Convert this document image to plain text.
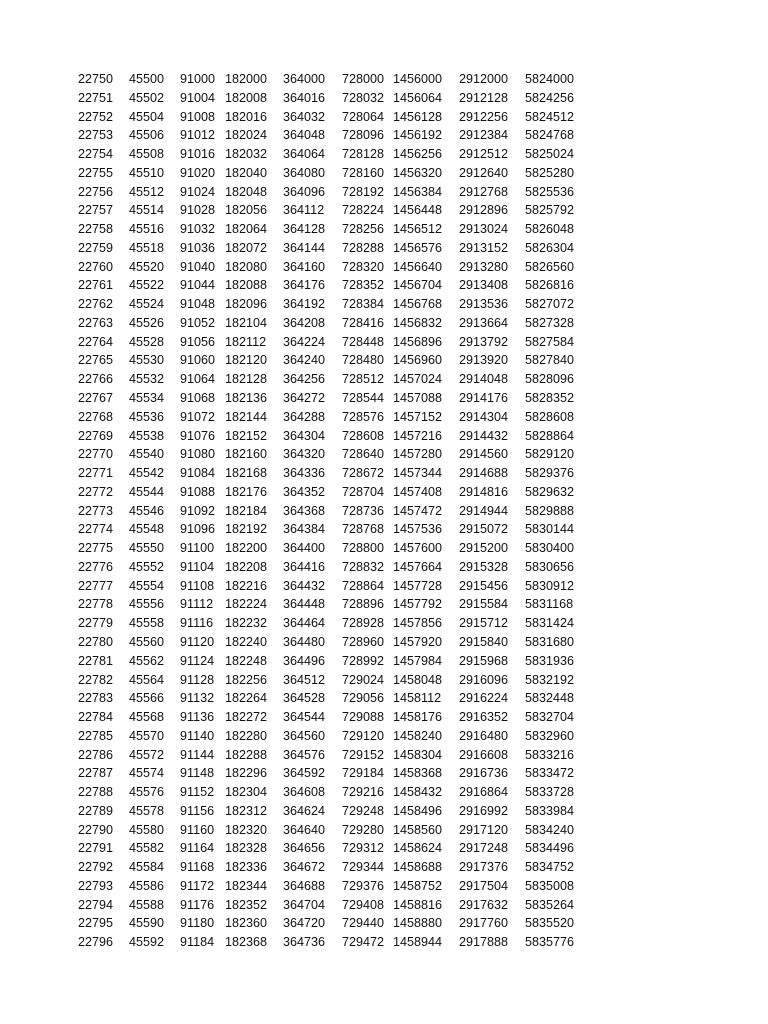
22750 45500 91000 182000 364000 728000 1456000 2912000 5824000
22751 45502 91004 182008 364016 728032 1456064 2912128 5824256
22752 45504 91008 182016 364032 728064 1456128 2912256 5824512
22753 45506 91012 182024 364048 728096 1456192 2912384 5824768
22754 45508 91016 182032 364064 728128 1456256 2912512 5825024
22755 45510 91020 182040 364080 728160 1456320 2912640 5825280
22756 45512 91024 182048 364096 728192 1456384 2912768 5825536
22757 45514 91028 182056 364112 728224 1456448 2912896 5825792
22758 45516 91032 182064 364128 728256 1456512 2913024 5826048
22759 45518 91036 182072 364144 728288 1456576 2913152 5826304
22760 45520 91040 182080 364160 728320 1456640 2913280 5826560
22761 45522 91044 182088 364176 728352 1456704 2913408 5826816
22762 45524 91048 182096 364192 728384 1456768 2913536 5827072
22763 45526 91052 182104 364208 728416 1456832 2913664 5827328
22764 45528 91056 182112 364224 728448 1456896 2913792 5827584
22765 45530 91060 182120 364240 728480 1456960 2913920 5827840
22766 45532 91064 182128 364256 728512 1457024 2914048 5828096
22767 45534 91068 182136 364272 728544 1457088 2914176 5828352
22768 45536 91072 182144 364288 728576 1457152 2914304 5828608
22769 45538 91076 182152 364304 728608 1457216 2914432 5828864
22770 45540 91080 182160 364320 728640 1457280 2914560 5829120
22771 45542 91084 182168 364336 728672 1457344 2914688 5829376
22772 45544 91088 182176 364352 728704 1457408 2914816 5829632
22773 45546 91092 182184 364368 728736 1457472 2914944 5829888
22774 45548 91096 182192 364384 728768 1457536 2915072 5830144
22775 45550 91100 182200 364400 728800 1457600 2915200 5830400
22776 45552 91104 182208 364416 728832 1457664 2915328 5830656
22777 45554 91108 182216 364432 728864 1457728 2915456 5830912
22778 45556 91112 182224 364448 728896 1457792 2915584 5831168
22779 45558 91116 182232 364464 728928 1457856 2915712 5831424
22780 45560 91120 182240 364480 728960 1457920 2915840 5831680
22781 45562 91124 182248 364496 728992 1457984 2915968 5831936
22782 45564 91128 182256 364512 729024 1458048 2916096 5832192
22783 45566 91132 182264 364528 729056 1458112 2916224 5832448
22784 45568 91136 182272 364544 729088 1458176 2916352 5832704
22785 45570 91140 182280 364560 729120 1458240 2916480 5832960
22786 45572 91144 182288 364576 729152 1458304 2916608 5833216
22787 45574 91148 182296 364592 729184 1458368 2916736 5833472
22788 45576 91152 182304 364608 729216 1458432 2916864 5833728
22789 45578 91156 182312 364624 729248 1458496 2916992 5833984
22790 45580 91160 182320 364640 729280 1458560 2917120 5834240
22791 45582 91164 182328 364656 729312 1458624 2917248 5834496
22792 45584 91168 182336 364672 729344 1458688 2917376 5834752
22793 45586 91172 182344 364688 729376 1458752 2917504 5835008
22794 45588 91176 182352 364704 729408 1458816 2917632 5835264
22795 45590 91180 182360 364720 729440 1458880 2917760 5835520
22796 45592 91184 182368 364736 729472 1458944 2917888 5835776
